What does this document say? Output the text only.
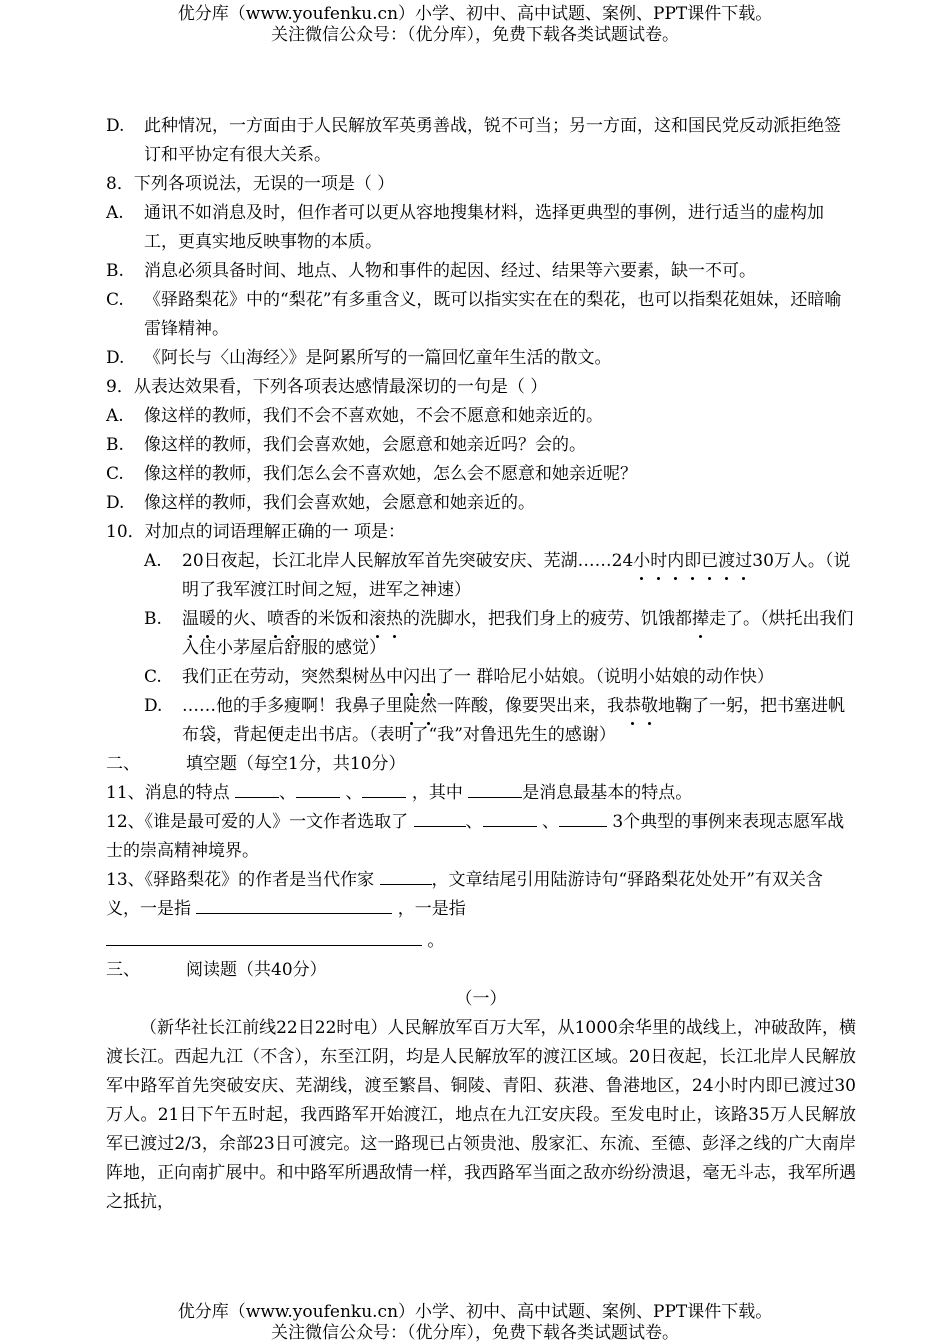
优分库（www.youfenku.cn）小学、初中、高中试题、案例、PPT课件下载。
关注微信公众号：（优分库），免费下载各类试题试卷。
D.	此种情况，一方面由于人民解放军英勇善战，锐不可当；另一方面，这和国民党反动派拒绝签订和平协定有很大关系。
8．下列各项说法，无误的一项是（ ）
A.	通讯不如消息及时，但作者可以更从容地搜集材料，选择更典型的事例，进行适当的虚构加工，更真实地反映事物的本质。
B.	消息必须具备时间、地点、人物和事件的起因、经过、结果等六要素，缺一不可。
C.	《驿路梨花》中的“梨花”有多重含义，既可以指实实在在的梨花，也可以指梨花姐妹，还暗喻雷锋精神。
D.	《阿长与〈山海经〉》是阿累所写的一篇回忆童年生活的散文。
9．从表达效果看，下列各项表达感情最深切的一句是（ ）
A.	像这样的教师，我们不会不喜欢她，不会不愿意和她亲近的。
B.	像这样的教师，我们会喜欢她，会愿意和她亲近吗？会的。
C.	像这样的教师，我们怎么会不喜欢她，怎么会不愿意和她亲近呢？
D.	像这样的教师，我们会喜欢她，会愿意和她亲近的。
10．对加点的词语理解正确的一 项是：
A.	20日夜起，长江北岸人民解放军首先突破安庆、芜湖……24小时内即已渡过30万人。（说明了我军渡江时间之短，进军之神速）
B.	温暖的火、喷香的米饭和滚热的洗脚水，把我们身上的疲劳、饥饿都撵走了。（烘托出我们入住小茅屋后舒服的感觉）
C.	我们正在劳动，突然梨树丛中闪出了一 群哈尼小姑娘。（说明小姑娘的动作快）
D.	……他的手多瘦啊！我鼻子里陡然一阵酸，像要哭出来，我恭敬地鞠了一躬，把书塞进帆布袋，背起便走出书店。（表明了“我”对鲁迅先生的感谢）
二、	填空题（每空1分，共10分）
11、消息的特点	、	、	，其中	是消息最基本的特点。
12、《谁是最可爱的人》一文作者选取了	、	、	3个典型的事例来表现志愿军战士的崇高精神境界。
13、《驿路梨花》的作者是当代作家	，文章结尾引用陆游诗句“驿路梨花处处开”有双关含义，一是指	，一是指
。
三、	阅读题（共40分）
（一）
（新华社长江前线22日22时电）人民解放军百万大军，从1000余华里的战线上，冲破敌阵，横渡长江。西起九江（不含），东至江阴，均是人民解放军的渡江区域。20日夜起，长江北岸人民解放军中路军首先突破安庆、芜湖线，渡至繁昌、铜陵、青阳、荻港、鲁港地区，24小时内即已渡过30万人。21日下午五时起，我西路军开始渡江，地点在九江安庆段。至发电时止，该路35万人民解放军已渡过2/3，余部23日可渡完。这一路现已占领贵池、殷家汇、东流、至德、彭泽之线的广大南岸阵地，正向南扩展中。和中路军所遇敌情一样，我西路军当面之敌亦纷纷溃退，毫无斗志，我军所遇之抵抗，
优分库（www.youfenku.cn）小学、初中、高中试题、案例、PPT课件下载。
关注微信公众号：（优分库），免费下载各类试题试卷。
